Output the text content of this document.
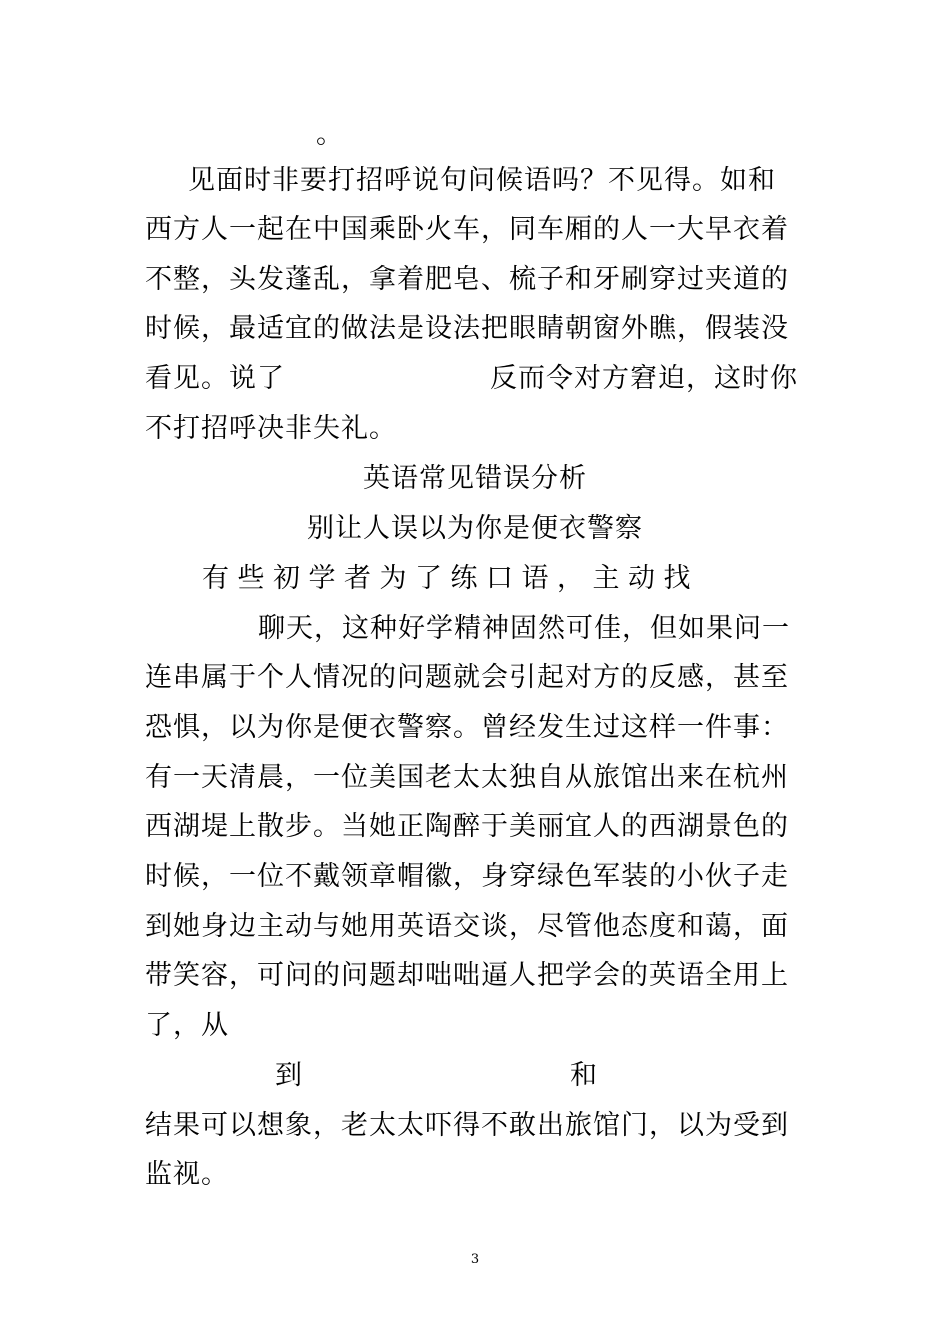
。
见面时非要打招呼说句问候语吗？不见得。如和
西方人一起在中国乘卧火车，同车厢的人一大早衣着
不整，头发蓬乱，拿着肥皂、梳子和牙刷穿过夹道的
时候，最适宜的做法是设法把眼睛朝窗外瞧，假装没
看见。说了	反而令对方窘迫，这时你
不打招呼决非失礼。
英语常见错误分析
别让人误以为你是便衣警察
有些初学者为了练口语，主动找
聊天，这种好学精神固然可佳，但如果问一
连串属于个人情况的问题就会引起对方的反感，甚至
恐惧，以为你是便衣警察。曾经发生过这样一件事：
有一天清晨，一位美国老太太独自从旅馆出来在杭州
西湖堤上散步。当她正陶醉于美丽宜人的西湖景色的
时候，一位不戴领章帽徽，身穿绿色军装的小伙子走
到她身边主动与她用英语交谈，尽管他态度和蔼，面
带笑容，可问的问题却咄咄逼人把学会的英语全用上
了，从
到	和
结果可以想象，老太太吓得不敢出旅馆门，以为受到
监视。
3
